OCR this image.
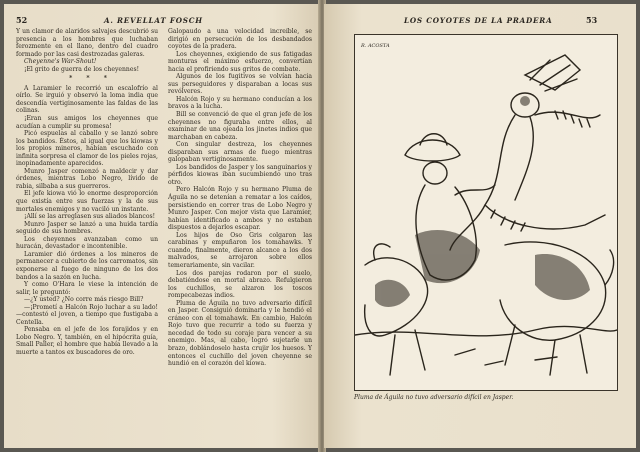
52	A. REVELLAT FOSCH

Y un clamor de alaridos salvajes descubrió su presencia a los hombres que luchaban ferozmente en el llano, dentro del cuadro formado por las casi destrozadas galeras.

Cheyenne's War-Shout!

¡El grito de guerra de los cheyennes!

* * *

A Laramier le recorrió un escalofrío al oírlo. Se irguió y observó la loma india que descendía vertiginosamente las faldas de las colinas.

¡Eran sus amigos los cheyennes que acudían a cumplir su promesa!

Picó espuelas al caballo y se lanzó sobre los bandidos. Éstos, al igual que los kiowas y los propios mineros, habían escuchado con infinita sorpresa el clamor de los pieles rojas, inopinadamente aparecidos.

Munro Jasper comenzó a maldecir y dar órdenes, mientras Lobo Negro, lívido de rabia, silbaba a sus guerreros.

El jefe kiowa vió lo enorme desproporción que existía entre sus fuerzas y la de sus mortales enemigos y no vaciló un instante.

¡Allí se las arreglasen sus aliados blancos!

Munro Jasper se lanzó a una huida tardía seguido de sus hombres.

Los cheyennes avanzaban como un huracán, devastador e incontenible.

Laramier dió órdenes a los mineros de permanecer a cubierto de los carromatos, sin exponerse al fuego de ninguno de los dos bandos a la sazón en lucha.

Y como O'Hara le viese la intención de salir, le preguntó:

—¿Y usted? ¿No corre más riesgo Bill?

—¡Prometí a Halcón Rojo luchar a su lado! —contestó el joven, a tiempo que fustigaba a Centella.

Pensaba en el jefe de los forajidos y en Lobo Negro. Y, también, en el hipócrita guía, Small Paller, el hombre que había llevado a la muerte a tantos ex buscadores de oro.

Galopaudo a una velocidad increíble, se dirigió en persecución de los desbandados coyotes de la pradera.

Los cheyennes, exigiendo de sus fatigadas monturas el máximo esfuerzo, convertían hacia el profiriendo sus gritos de combate.

Algunos de los fugitivos se volvían hacia sus perseguidores y disparaban a locas sus revólveres.

Halcón Rojo y su hermano conducían a los bravos a la lucha.

Bill se convenció de que el gran jefe de los cheyennes no figuraba entre ellos, al examinar de una ojeada los jinetes indios que marchaban en cabeza.

Con singular destreza, los cheyennes disparaban sus armas de fuego mientras galopaban vertiginosamente.

Los bandidos de Jasper y los sanguinarios y pérfidos kiowas iban sucumbiendo uno tras otro.

Pero Halcón Rojo y su hermano Pluma de Águila no se detenían a rematar a los caídos, persistiendo en correr tras de Lobo Negro y Munro Jasper. Con mejor vista que Laramier, habían identificado a ambos y no estaban dispuestos a dejarlos escapar.

Los hijos de Oso Gris colgaron las carabinas y empuñaron los tomahawks. Y cuando, finalmente, dieron alcance a los dos malvados, se arrojaron sobre ellos temerariamente, sin vacilar.

Los dos parejas rodaron por el suelo, debatiéndose en mortal abrazo. Refulgieron los cuchillos, se alzaron los toscos rompecabezas indios.

Pluma de Águila no tuvo adversario difícil en Jasper. Consiguió dominarla y le hendió el cráneo con el tomahawk. En cambio, Halcón Rojo tuvo que recurrir a todo su fuerza y necedad de todo su coraje para vencer a su enemigo. Mas, al cabo, logró sujetarle un brazo, doblándoselo hasta crujir los huesos. Y entonces el cuchillo del joven cheyenne se hundió en el corazón del kiowa.

LOS COYOTES DE LA PRADERA	53
R. ACOSTA
Pluma de Águila no tuvo adversario difícil en Jasper.
